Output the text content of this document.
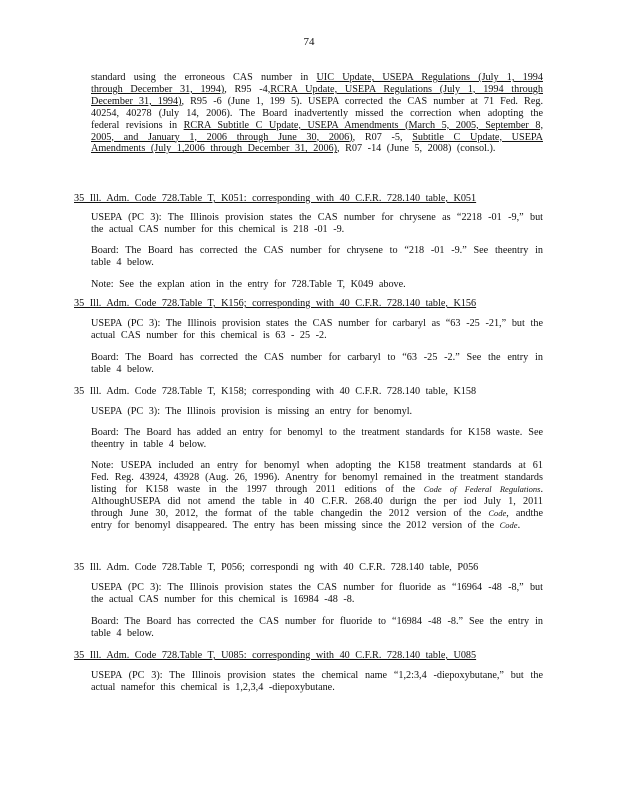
74
standard using the erroneous CAS number in UIC Update, USEPA Regulations (July 1, 1994 through December 31, 1994), R95 -4,RCRA Update, USEPA Regulations (July 1, 1994 through December 31, 1994), R95 -6 (June 1, 199 5). USEPA corrected the CAS number at 71 Fed. Reg. 40254, 40278 (July 14, 2006). The Board inadvertently missed the correction when adopting the federal revisions in RCRA Subtitle C Update, USEPA Amendments (March 5, 2005, September 8, 2005, and January 1, 2006 through June 30, 2006), R07 -5, Subtitle C Update, USEPA Amendments (July 1,2006 through December 31, 2006), R07 -14 (June 5, 2008) (consol.).
35 Ill. Adm. Code 728.Table T, K051: corresponding with 40 C.F.R. 728.140 table, K051
USEPA (PC 3): The Illinois provision states the CAS number for chrysene as “2218 -01 -9,” but the actual CAS number for this chemical is 218 -01 -9.
Board: The Board has corrected the CAS number for chrysene to “218 -01 -9.” See theentry in table 4 below.
Note: See the explan ation in the entry for 728.Table T, K049 above.
35 Ill. Adm. Code 728.Table T, K156; corresponding with 40 C.F.R. 728.140 table, K156
USEPA (PC 3): The Illinois provision states the CAS number for carbaryl as “63 -25 -21,” but the actual CAS number for this chemical is 63 - 25 -2.
Board: The Board has corrected the CAS number for carbaryl to “63 -25 -2.” See the entry in table 4 below.
35 Ill. Adm. Code 728.Table T, K158; corresponding with 40 C.F.R. 728.140 table, K158
USEPA (PC 3): The Illinois provision is missing an entry for benomyl.
Board: The Board has added an entry for benomyl to the treatment standards for K158 waste. See theentry in table 4 below.
Note: USEPA included an entry for benomyl when adopting the K158 treatment standards at 61 Fed. Reg. 43924, 43928 (Aug. 26, 1996). Anentry for benomyl remained in the treatment standards listing for K158 waste in the 1997 through 2011 editions of the Code of Federal Regulations. AlthoughUSEPA did not amend the table in 40 C.F.R. 268.40 durign the per iod July 1, 2011 through June 30, 2012, the format of the table changedin the 2012 version of the Code, andthe entry for benomyl disappeared. The entry has been missing since the 2012 version of the Code.
35 Ill. Adm. Code 728.Table T, P056; correspondi ng with 40 C.F.R. 728.140 table, P056
USEPA (PC 3): The Illinois provision states the CAS number for fluoride as “16964 -48 -8,” but the actual CAS number for this chemical is 16984 -48 -8.
Board: The Board has corrected the CAS number for fluoride to “16984 -48 -8.” See the entry in table 4 below.
35 Ill. Adm. Code 728.Table T, U085: corresponding with 40 C.F.R. 728.140 table, U085
USEPA (PC 3): The Illinois provision states the chemical name “1,2:3,4 -diepoxybutane,” but the actual namefor this chemical is 1,2,3,4 -diepoxybutane.
